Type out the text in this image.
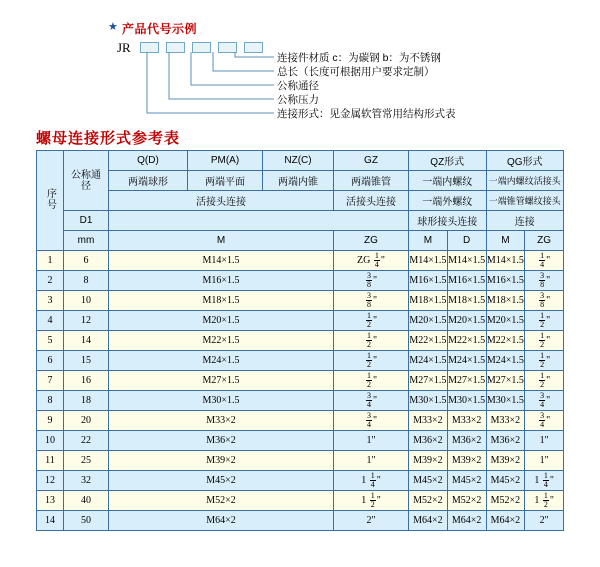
★ 产品代号示例
JR

连接件材质 c：为碳钢 b：为不锈钢
总长（长度可根据用户要求定制）
公称通径
公称压力
连接形式：见金属软管常用结构形式表
螺母连接形式参考表
序号	公称通径	Q(D)	PM(A)	NZ(C)	GZ	QZ形式		QG形式	
		两端球形	两端平面	两端内锥	两端锥管	一端内螺纹		一端内螺纹活接头	
		活接头连接			活接头连接	一端外螺纹		一端锥管螺纹接头	
	D1					球形接头连接		连接	
	mm	M			ZG	M	D	M	ZG
1	6	M14×1.5			ZG $\frac{1}{4}$ "	M14×1.5	M14×1.5	M14×1.5	$\frac{1}{4}$ "
2	8	M16×1.5			$\frac{3}{8}$ "	M16×1.5	M16×1.5	M16×1.5	$\frac{3}{8}$ "
3	10	M18×1.5			$\frac{3}{8}$ "	M18×1.5	M18×1.5	M18×1.5	$\frac{3}{8}$ "
4	12	M20×1.5			$\frac{1}{2}$ "	M20×1.5	M20×1.5	M20×1.5	$\frac{1}{2}$ "
5	14	M22×1.5			$\frac{1}{2}$ "	M22×1.5	M22×1.5	M22×1.5	$\frac{1}{2}$ "
6	15	M24×1.5			$\frac{1}{2}$ "	M24×1.5	M24×1.5	M24×1.5	$\frac{1}{2}$ "
7	16	M27×1.5			$\frac{1}{2}$ "	M27×1.5	M27×1.5	M27×1.5	$\frac{1}{2}$ "
8	18	M30×1.5			$\frac{3}{4}$ "	M30×1.5	M30×1.5	M30×1.5	$\frac{3}{4}$ "
9	20	M33×2			$\frac{3}{4}$ "	M33×2	M33×2	M33×2	$\frac{3}{4}$ "
10	22	M36×2			1"	M36×2	M36×2	M36×2	1"
11	25	M39×2			1"	M39×2	M39×2	M39×2	1"
12	32	M45×2			$1 \frac{1}{4}$ "	M45×2	M45×2	M45×2	$1 \frac{1}{4}$ "
13	40	M52×2			$1 \frac{1}{2}$ "	M52×2	M52×2	M52×2	$1 \frac{1}{2}$ "
14	50	M64×2			2"	M64×2	M64×2	M64×2	2"
